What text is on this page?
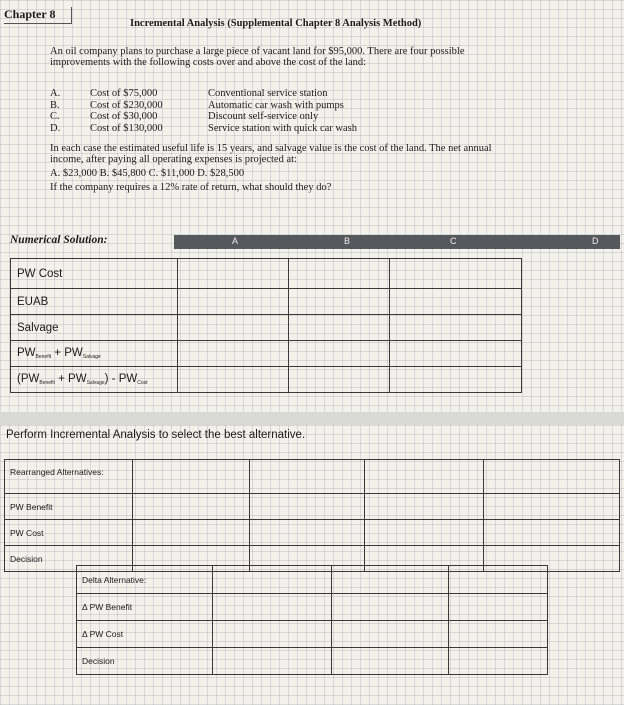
Chapter 8
Incremental Analysis (Supplemental Chapter 8 Analysis Method)
An oil company plans to purchase a large piece of vacant land for $95,000. There are four possible
improvements with the following costs over and above the cost of the land:
A.	Cost of $75,000	Conventional service station
B.	Cost of $230,000	Automatic car wash with pumps
C.	Cost of $30,000	Discount self-service only
D.	Cost of $130,000	Service station with quick car wash
In each case the estimated useful life is 15 years, and salvage value is the cost of the land. The net annual
income, after paying all operating expenses is projected at:
A. $23,000 B. $45,800 C. $11,000 D. $28,500
If the company requires a 12% rate of return, what should they do?
Numerical Solution:	A	B	C	D
PW Cost			
EUAB			
Salvage			
$PW_{Benefit} + PW_{Salvage}$			
$(PW_{Benefit} + PW_{Salvage}) - PW_{Cost}$			
Perform Incremental Analysis to select the best alternative.
Rearranged Alternatives:				
PW Benefit				
PW Cost				
Decision				
Delta Alternative:			
Δ PW Benefit			
Δ PW Cost			
Decision			
